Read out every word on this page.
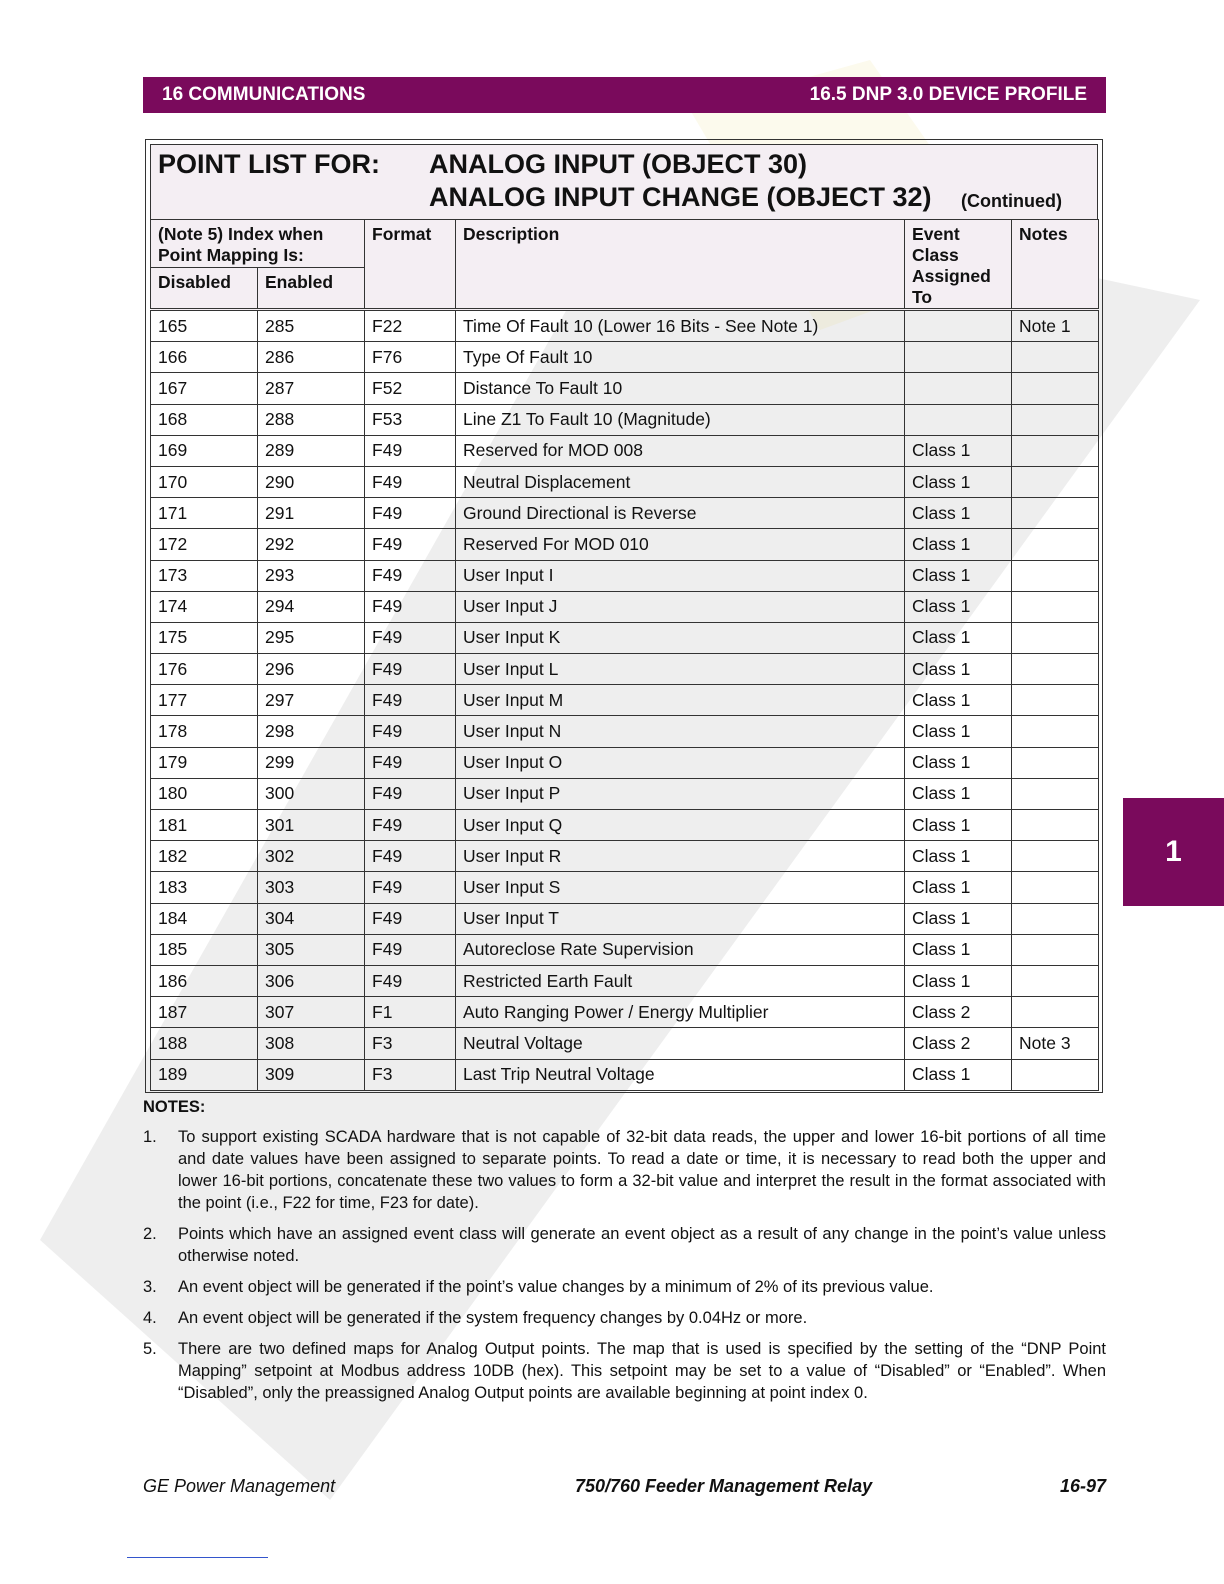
16 COMMUNICATIONS	16.5 DNP 3.0 DEVICE PROFILE
1
POINT LIST FOR: ANALOG INPUT (OBJECT 30)
ANALOG INPUT CHANGE (OBJECT 32) (Continued)
(Note 5) Index when Point Mapping Is:		Format	Description	Event Class Assigned To	Notes
Disabled	Enabled				
165	285	F22	Time Of Fault 10 (Lower 16 Bits - See Note 1)		Note 1
166	286	F76	Type Of Fault 10		
167	287	F52	Distance To Fault 10		
168	288	F53	Line Z1 To Fault 10 (Magnitude)		
169	289	F49	Reserved for MOD 008	Class 1	
170	290	F49	Neutral Displacement	Class 1	
171	291	F49	Ground Directional is Reverse	Class 1	
172	292	F49	Reserved For MOD 010	Class 1	
173	293	F49	User Input I	Class 1	
174	294	F49	User Input J	Class 1	
175	295	F49	User Input K	Class 1	
176	296	F49	User Input L	Class 1	
177	297	F49	User Input M	Class 1	
178	298	F49	User Input N	Class 1	
179	299	F49	User Input O	Class 1	
180	300	F49	User Input P	Class 1	
181	301	F49	User Input Q	Class 1	
182	302	F49	User Input R	Class 1	
183	303	F49	User Input S	Class 1	
184	304	F49	User Input T	Class 1	
185	305	F49	Autoreclose Rate Supervision	Class 1	
186	306	F49	Restricted Earth Fault	Class 1	
187	307	F1	Auto Ranging Power / Energy Multiplier	Class 2	
188	308	F3	Neutral Voltage	Class 2	Note 3
189	309	F3	Last Trip Neutral Voltage	Class 1	
NOTES:
1.	To support existing SCADA hardware that is not capable of 32-bit data reads, the upper and lower 16-bit portions of all time and date values have been assigned to separate points. To read a date or time, it is necessary to read both the upper and lower 16-bit portions, concatenate these two values to form a 32-bit value and interpret the result in the format associated with the point (i.e., F22 for time, F23 for date).
2.	Points which have an assigned event class will generate an event object as a result of any change in the point’s value unless otherwise noted.
3.	An event object will be generated if the point’s value changes by a minimum of 2% of its previous value.
4.	An event object will be generated if the system frequency changes by 0.04Hz or more.
5.	There are two defined maps for Analog Output points. The map that is used is specified by the setting of the “DNP Point Mapping” setpoint at Modbus address 10DB (hex). This setpoint may be set to a value of “Disabled” or “Enabled”. When “Disabled”, only the preassigned Analog Output points are available beginning at point index 0.
GE Power Management	750/760 Feeder Management Relay	16-97
